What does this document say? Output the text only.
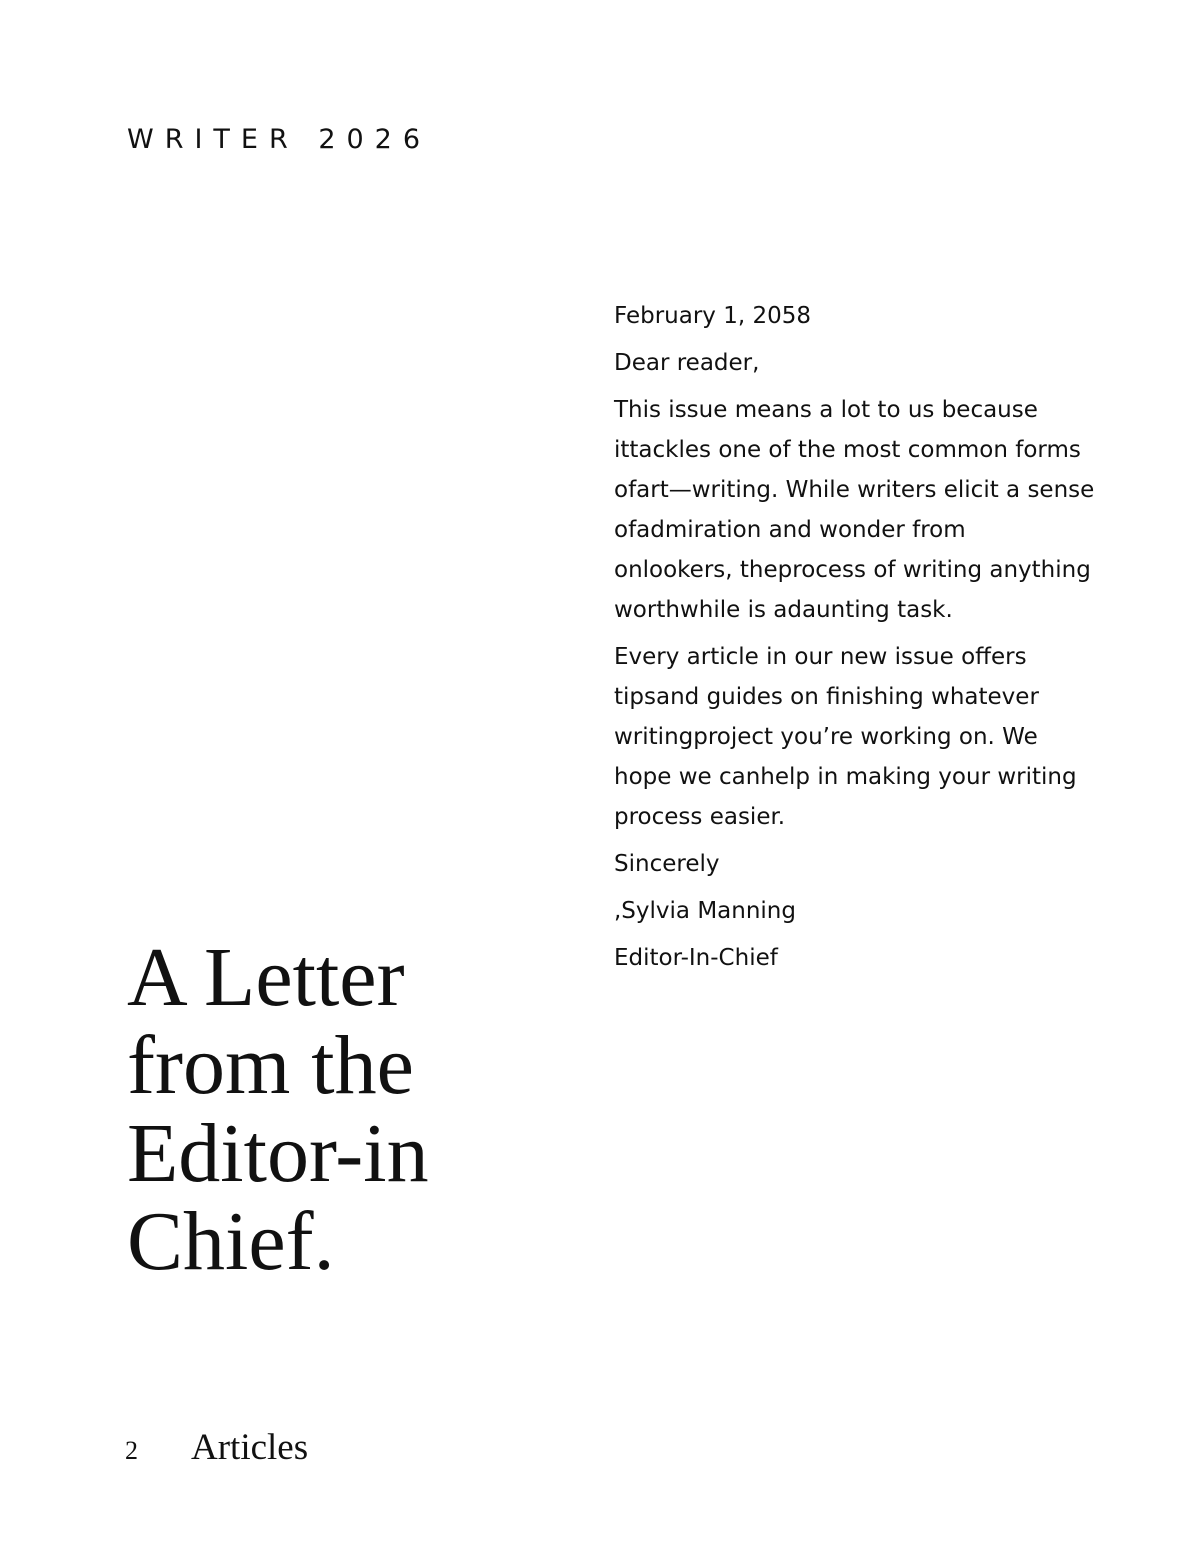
WRITER 2026

February 1, 2058

Dear reader,

This issue means a lot to us because
ittackles one of the most common forms
ofart—writing. While writers elicit a sense
ofadmiration and wonder from
onlookers, theprocess of writing anything
worthwhile is adaunting task.

Every article in our new issue offers
tipsand guides on finishing whatever
writingproject you’re working on. We
hope we canhelp in making your writing
process easier.

Sincerely

,Sylvia Manning

Editor-In-Chief

A Letter
from the
Editor-in
Chief.
2 Articles
